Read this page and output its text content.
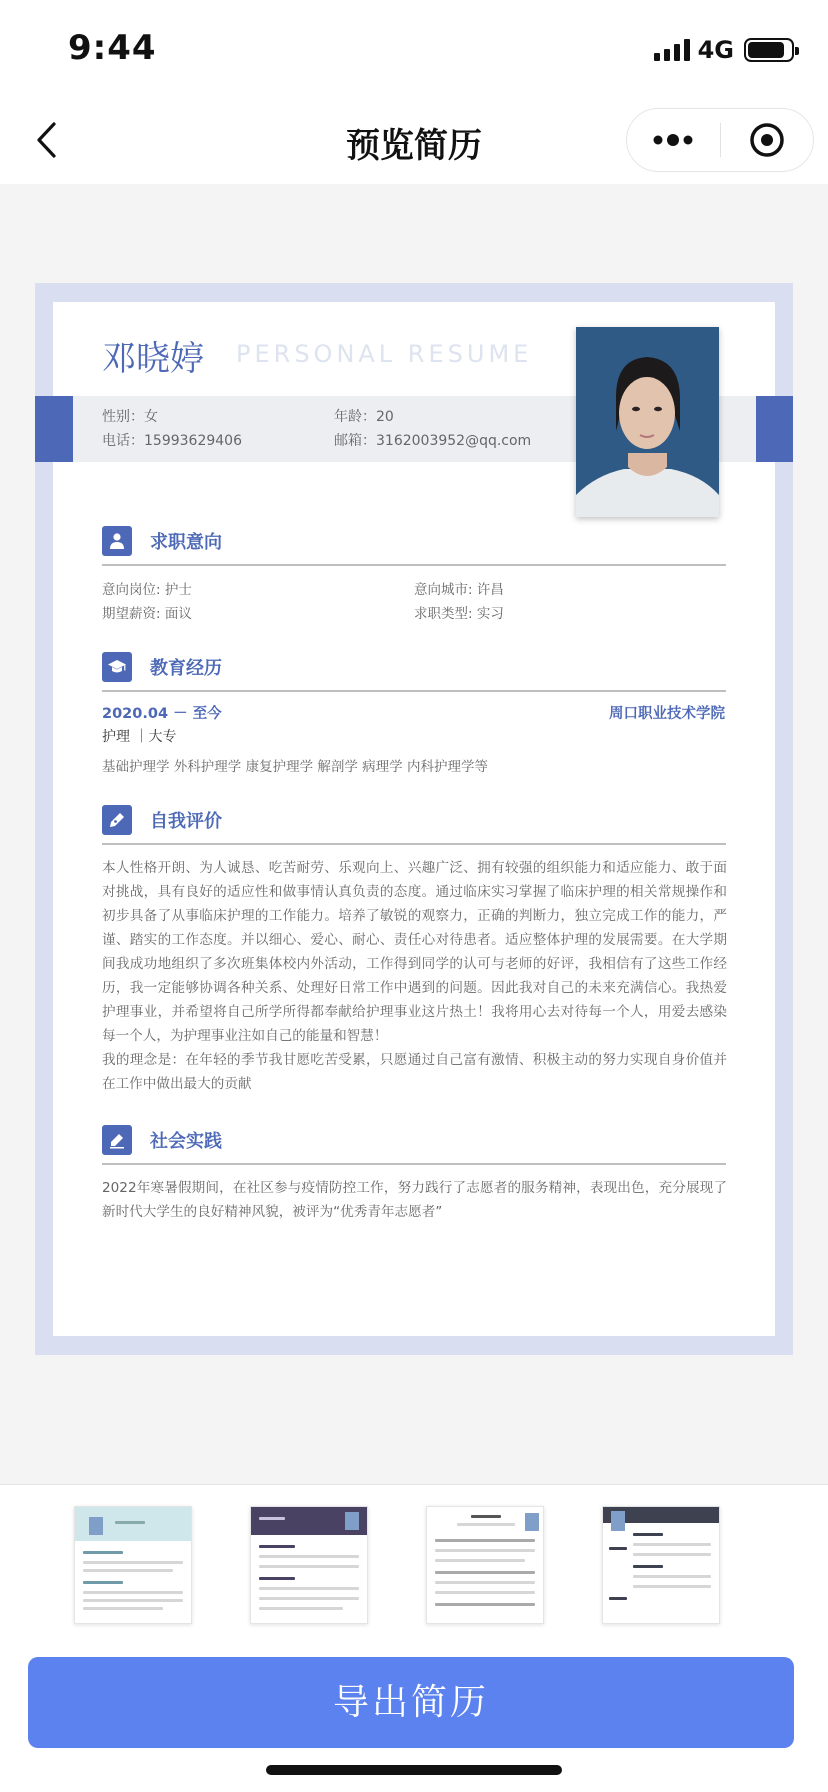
9:44	4G
预览简历
邓晓婷 PERSONAL RESUME
性别：女	年龄：20
电话：15993629406	邮箱：3162003952@qq.com
求职意向
意向岗位: 护士	意向城市: 许昌
期望薪资: 面议	求职类型: 实习
教育经历
2020.04 － 至今	周口职业技术学院
护理 ｜大专
基础护理学 外科护理学 康复护理学 解剖学 病理学 内科护理学等
自我评价
本人性格开朗、为人诚恳、吃苦耐劳、乐观向上、兴趣广泛、拥有较强的组织能力和适应能力、敢于面对挑战，具有良好的适应性和做事情认真负责的态度。通过临床实习掌握了临床护理的相关常规操作和初步具备了从事临床护理的工作能力。培养了敏锐的观察力，正确的判断力，独立完成工作的能力，严谨、踏实的工作态度。并以细心、爱心、耐心、责任心对待患者。适应整体护理的发展需要。在大学期间我成功地组织了多次班集体校内外活动，工作得到同学的认可与老师的好评，我相信有了这些工作经历，我一定能够协调各种关系、处理好日常工作中遇到的问题。因此我对自己的未来充满信心。我热爱护理事业，并希望将自己所学所得都奉献给护理事业这片热土！我将用心去对待每一个人，用爱去感染每一个人，为护理事业注如自己的能量和智慧！
我的理念是：在年轻的季节我甘愿吃苦受累，只愿通过自己富有激情、积极主动的努力实现自身价值并在工作中做出最大的贡献
社会实践
2022年寒暑假期间，在社区参与疫情防控工作，努力践行了志愿者的服务精神，表现出色，充分展现了新时代大学生的良好精神风貌，被评为“优秀青年志愿者”
导出简历
